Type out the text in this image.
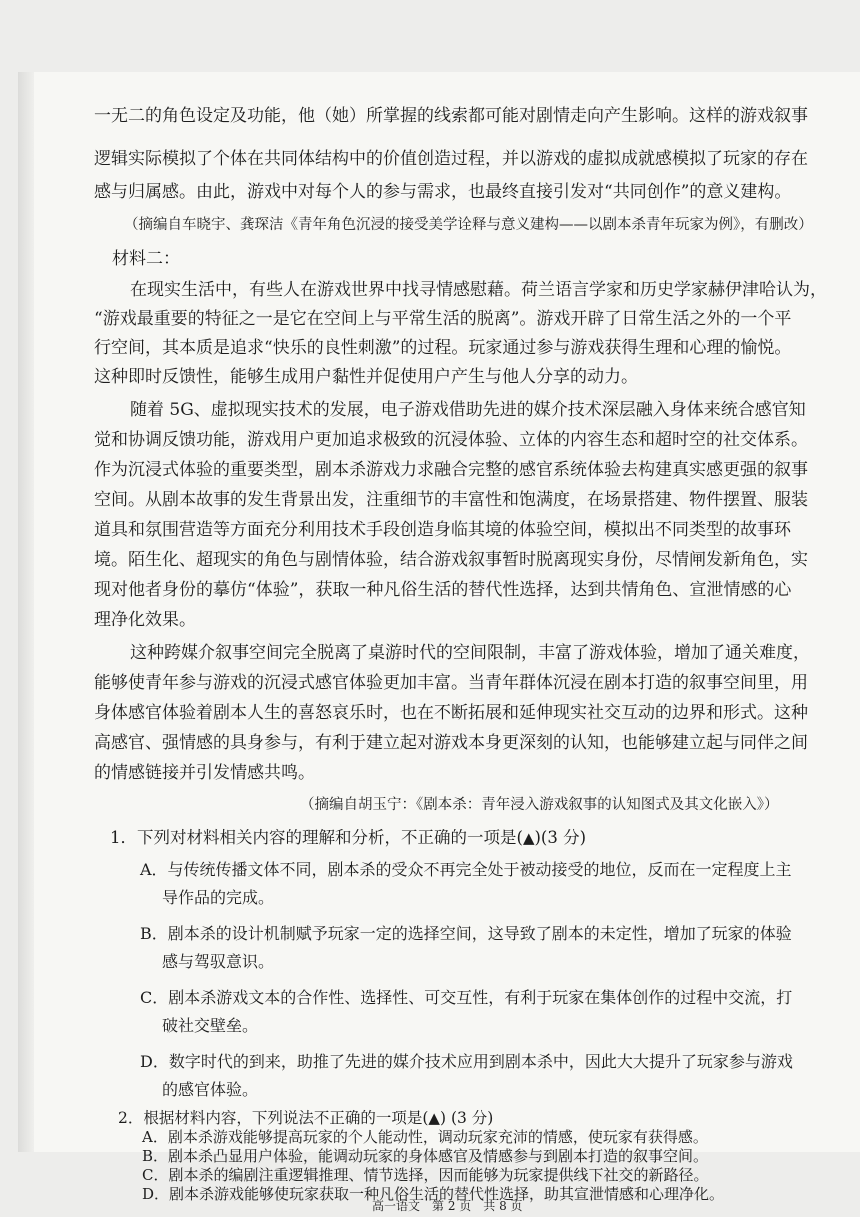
一无二的角色设定及功能，他（她）所掌握的线索都可能对剧情走向产生影响。这样的游戏叙事
逻辑实际模拟了个体在共同体结构中的价值创造过程，并以游戏的虚拟成就感模拟了玩家的存在
感与归属感。由此，游戏中对每个人的参与需求，也最终直接引发对“共同创作”的意义建构。
（摘编自车晓宇、龚琛洁《青年角色沉浸的接受美学诠释与意义建构——以剧本杀青年玩家为例》，有删改）
材料二：
在现实生活中，有些人在游戏世界中找寻情感慰藉。荷兰语言学家和历史学家赫伊津哈认为，
“游戏最重要的特征之一是它在空间上与平常生活的脱离”。游戏开辟了日常生活之外的一个平
行空间，其本质是追求“快乐的良性刺激”的过程。玩家通过参与游戏获得生理和心理的愉悦。
这种即时反馈性，能够生成用户黏性并促使用户产生与他人分享的动力。
随着 5G、虚拟现实技术的发展，电子游戏借助先进的媒介技术深层融入身体来统合感官知
觉和协调反馈功能，游戏用户更加追求极致的沉浸体验、立体的内容生态和超时空的社交体系。
作为沉浸式体验的重要类型，剧本杀游戏力求融合完整的感官系统体验去构建真实感更强的叙事
空间。从剧本故事的发生背景出发，注重细节的丰富性和饱满度，在场景搭建、物件摆置、服装
道具和氛围营造等方面充分利用技术手段创造身临其境的体验空间，模拟出不同类型的故事环
境。陌生化、超现实的角色与剧情体验，结合游戏叙事暂时脱离现实身份，尽情闸发新角色，实
现对他者身份的摹仿“体验”，获取一种凡俗生活的替代性选择，达到共情角色、宣泄情感的心
理净化效果。
这种跨媒介叙事空间完全脱离了桌游时代的空间限制，丰富了游戏体验，增加了通关难度，
能够使青年参与游戏的沉浸式感官体验更加丰富。当青年群体沉浸在剧本打造的叙事空间里，用
身体感官体验着剧本人生的喜怒哀乐时，也在不断拓展和延伸现实社交互动的边界和形式。这种
高感官、强情感的具身参与，有利于建立起对游戏本身更深刻的认知，也能够建立起与同伴之间
的情感链接并引发情感共鸣。
（摘编自胡玉宁：《剧本杀：青年浸入游戏叙事的认知图式及其文化嵌入》）
1．下列对材料相关内容的理解和分析，不正确的一项是(▲)(3 分)
A．与传统传播文体不同，剧本杀的受众不再完全处于被动接受的地位，反而在一定程度上主
导作品的完成。
B．剧本杀的设计机制赋予玩家一定的选择空间，这导致了剧本的未定性，增加了玩家的体验
感与驾驭意识。
C．剧本杀游戏文本的合作性、选择性、可交互性，有利于玩家在集体创作的过程中交流，打
破社交壁垒。
D．数字时代的到来，助推了先进的媒介技术应用到剧本杀中，因此大大提升了玩家参与游戏
的感官体验。
2．根据材料内容，下列说法不正确的一项是(▲) (3 分)
A．剧本杀游戏能够提高玩家的个人能动性，调动玩家充沛的情感，使玩家有获得感。
B．剧本杀凸显用户体验，能调动玩家的身体感官及情感参与到剧本打造的叙事空间。
C．剧本杀的编剧注重逻辑推理、情节选择，因而能够为玩家提供线下社交的新路径。
D．剧本杀游戏能够使玩家获取一种凡俗生活的替代性选择，助其宣泄情感和心理净化。
高一语文　第 2 页　共 8 页
